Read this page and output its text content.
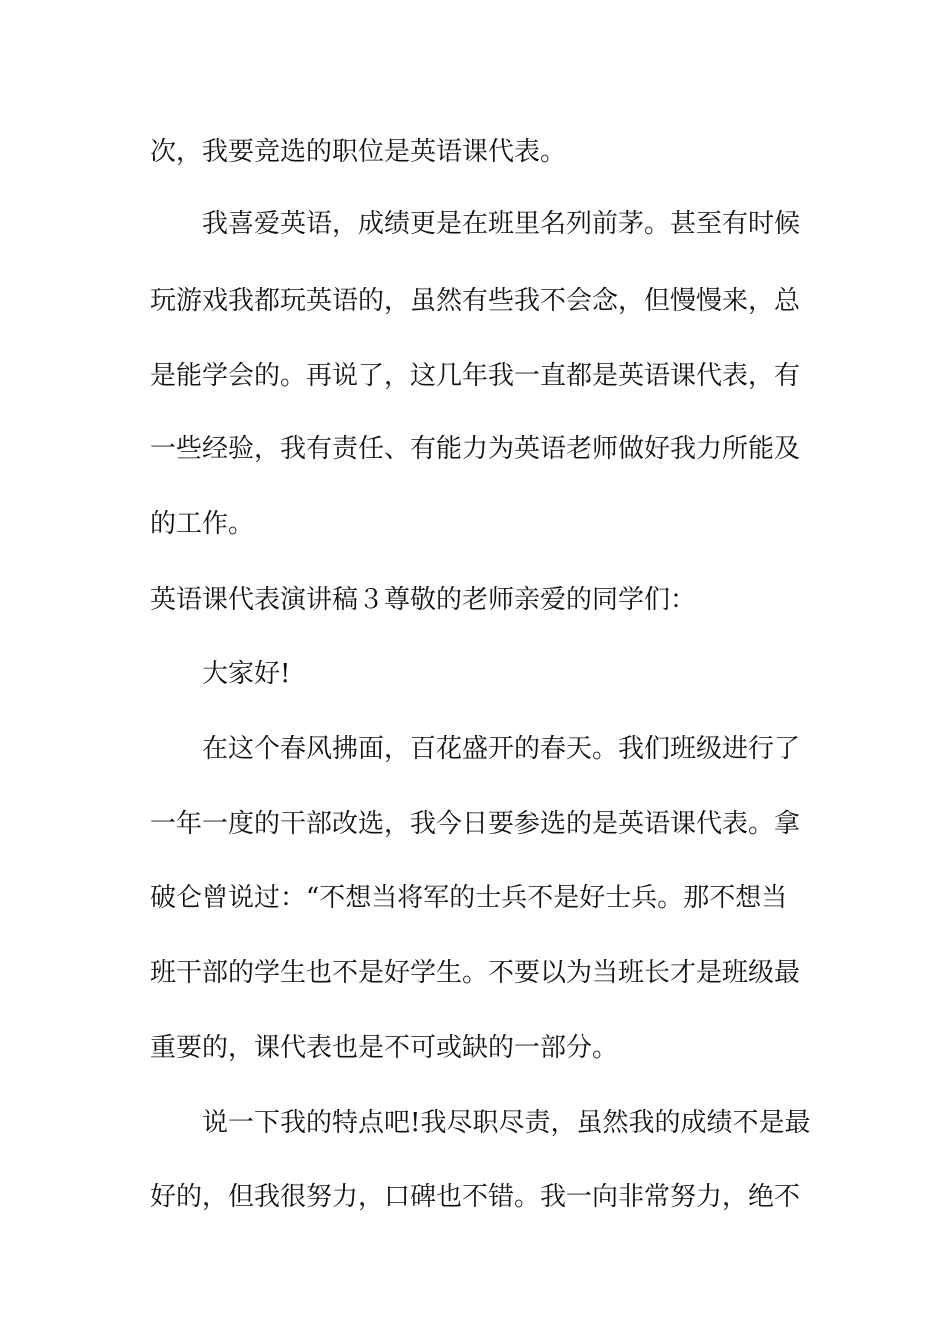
次，我要竞选的职位是英语课代表。
我喜爱英语，成绩更是在班里名列前茅。甚至有时候
玩游戏我都玩英语的，虽然有些我不会念，但慢慢来，总
是能学会的。再说了，这几年我一直都是英语课代表，有
一些经验，我有责任、有能力为英语老师做好我力所能及
的工作。
英语课代表演讲稿３尊敬的老师亲爱的同学们：
大家好!
在这个春风拂面，百花盛开的春天。我们班级进行了
一年一度的干部改选，我今日要参选的是英语课代表。拿
破仑曾说过：“不想当将军的士兵不是好士兵。那不想当
班干部的学生也不是好学生。不要以为当班长才是班级最
重要的，课代表也是不可或缺的一部分。
说一下我的特点吧!我尽职尽责，虽然我的成绩不是最
好的，但我很努力，口碑也不错。我一向非常努力，绝不
